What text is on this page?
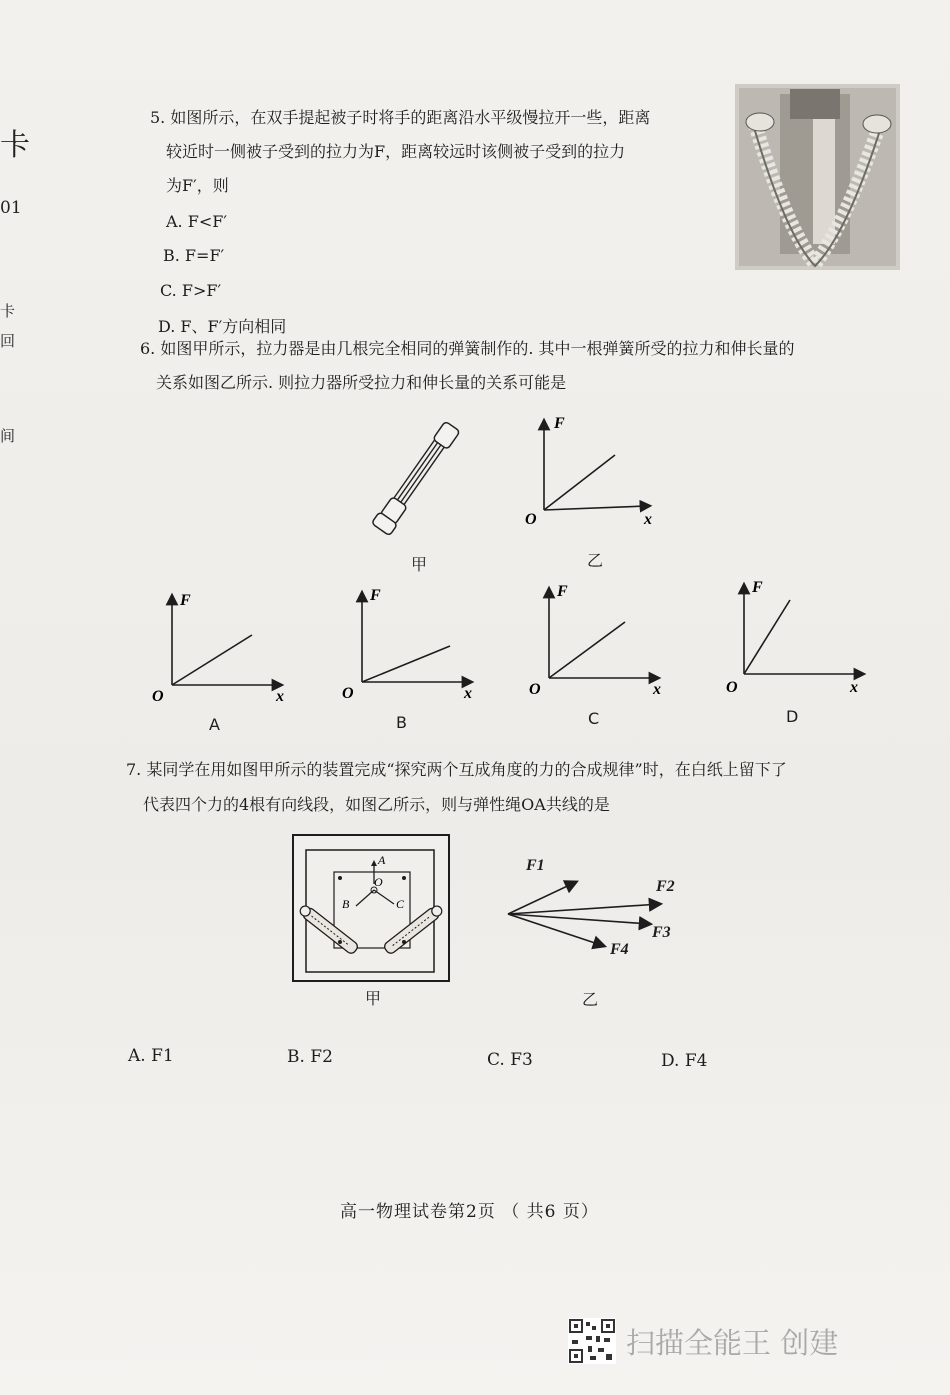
卡
01
卡
回
间
5. 如图所示，在双手提起被子时将手的距离沿水平级慢拉开一些，距离
较近时一侧被子受到的拉力为F，距离较远时该侧被子受到的拉力
为F′，则
A. F<F′
B. F=F′
C. F>F′
D. F、F′方向相同
6. 如图甲所示，拉力器是由几根完全相同的弹簧制作的. 其中一根弹簧所受的拉力和伸长量的
关系如图乙所示. 则拉力器所受拉力和伸长量的关系可能是
甲
F
O	x
乙
F
O	x
A
F
O	x
B
F
O	x
C
F
O	x
D
7. 某同学在用如图甲所示的装置完成“探究两个互成角度的力的合成规律”时，在白纸上留下了
代表四个力的4根有向线段，如图乙所示，则与弹性绳OA共线的是
A
O
B	C
甲
F1
F2
F3
F4
乙
A. F1	B. F2	C. F3	D. F4
高一物理试卷第2页 （ 共6 页）
扫描全能王 创建
